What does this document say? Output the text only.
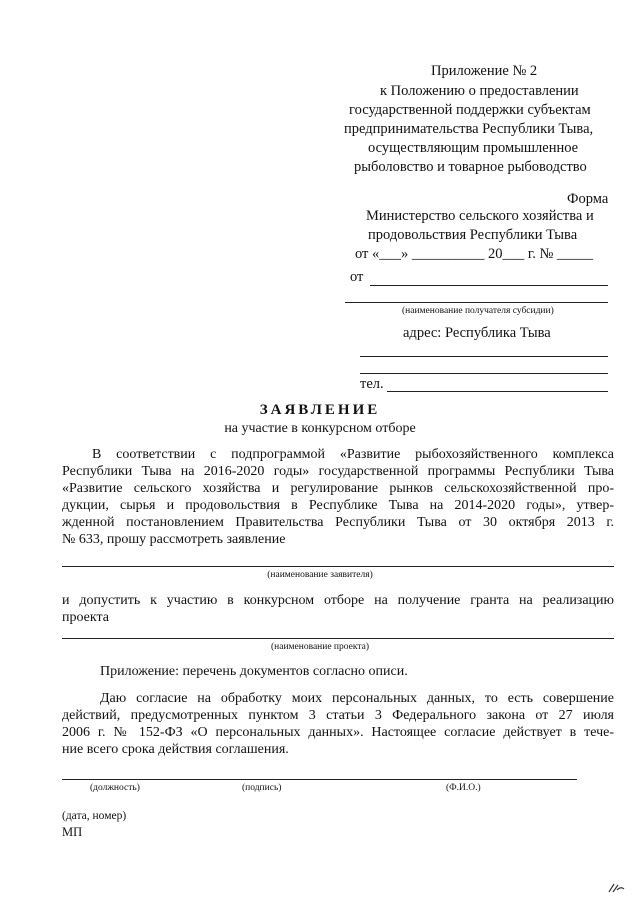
Приложение № 2
к Положению о предоставлении
государственной поддержки субъектам
предпринимательства Республики Тыва,
осуществляющим промышленное
рыболовство и товарное рыбоводство
Форма
Министерство сельского хозяйства и
продовольствия Республики Тыва
от «___» __________ 20___ г. № _____
от
(наименование получателя субсидии)
адрес: Республика Тыва
тел.
ЗАЯВЛЕНИЕ
на участие в конкурсном отборе
В соответствии с подпрограммой «Развитие рыбохозяйственного комплекса
Республики Тыва на 2016-2020 годы» государственной программы Республики Тыва
«Развитие сельского хозяйства и регулирование рынков сельскохозяйственной про-
дукции, сырья и продовольствия в Республике Тыва на 2014-2020 годы», утвер-
жденной постановлением Правительства Республики Тыва от 30 октября 2013 г.
№ 633, прошу рассмотреть заявление
(наименование заявителя)
и допустить к участию в конкурсном отборе на получение гранта на реализацию
проекта
(наименование проекта)
Приложение: перечень документов согласно описи.
Даю согласие на обработку моих персональных данных, то есть совершение
действий, предусмотренных пунктом 3 статьи 3 Федерального закона от 27 июля
2006 г. № 152-ФЗ «О персональных данных». Настоящее согласие действует в тече-
ние всего срока действия соглашения.
(должность)	(подпись)	(Ф.И.О.)
(дата, номер)
МП
